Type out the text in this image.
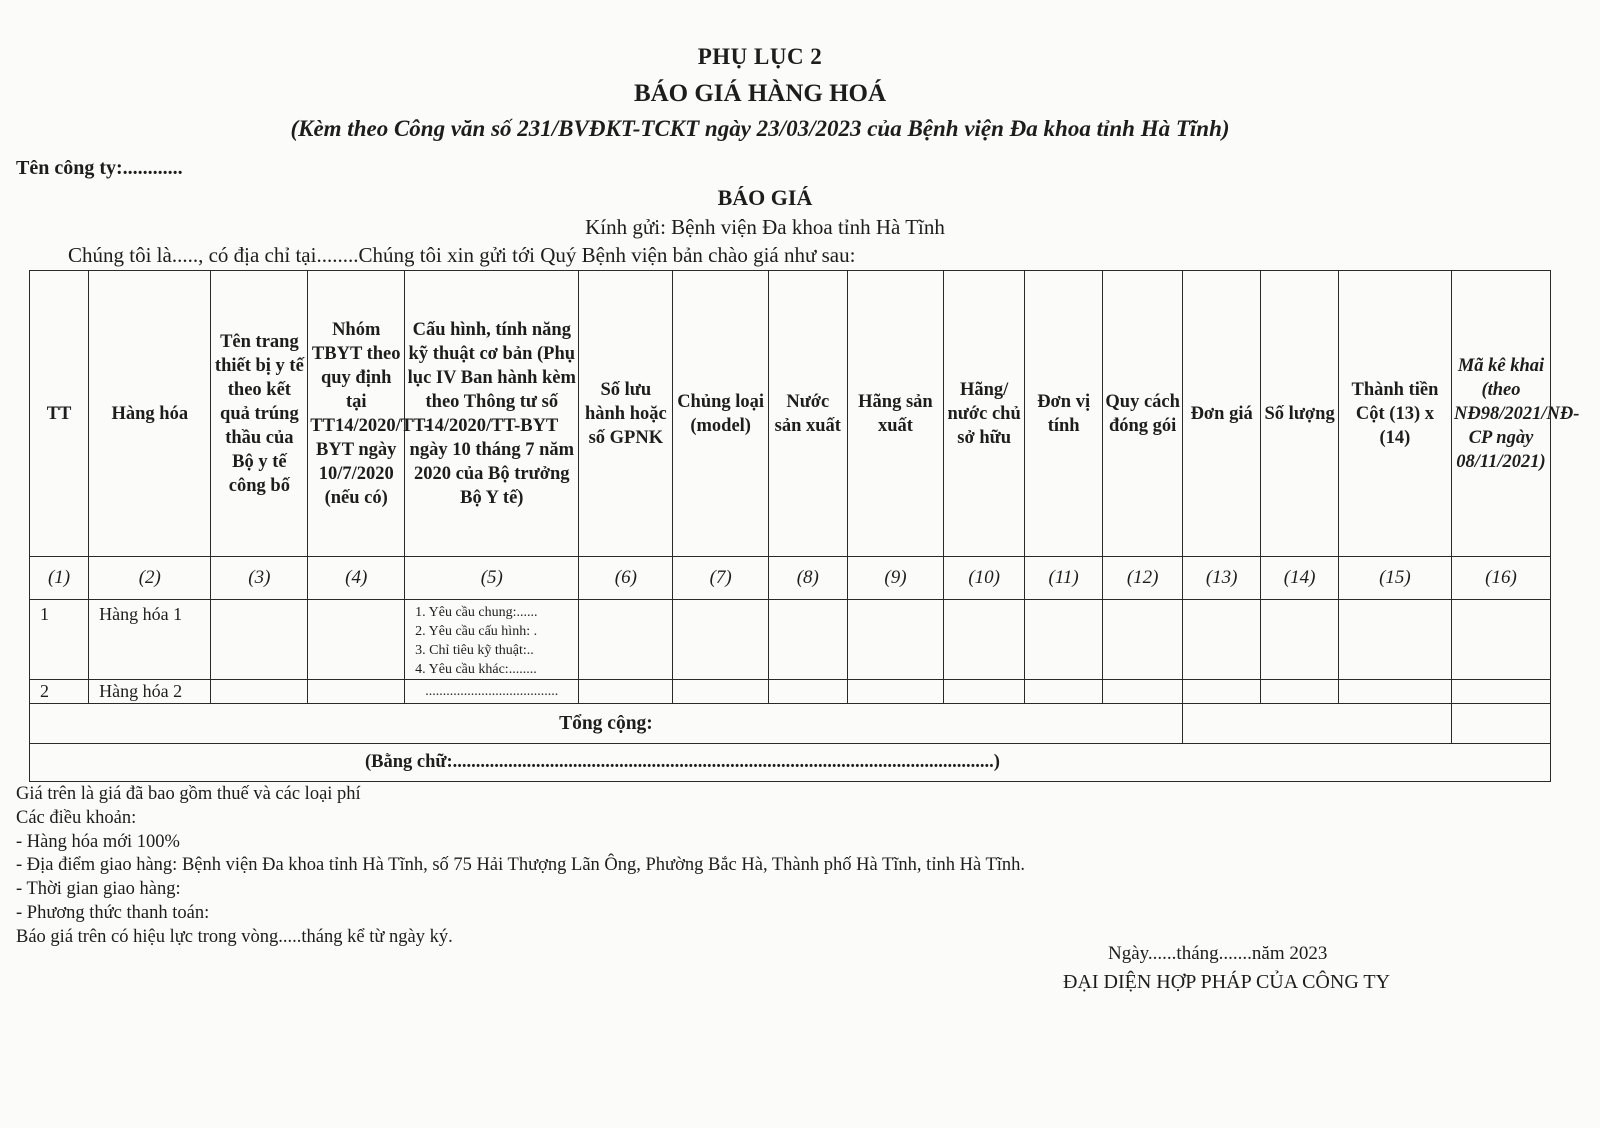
PHỤ LỤC 2
BÁO GIÁ HÀNG HOÁ
(Kèm theo Công văn số 231/BVĐKT-TCKT ngày 23/03/2023 của Bệnh viện Đa khoa tỉnh Hà Tĩnh)
Tên công ty:............
BÁO GIÁ
Kính gửi: Bệnh viện Đa khoa tỉnh Hà Tĩnh
Chúng tôi là....., có địa chỉ tại........Chúng tôi xin gửi tới Quý Bệnh viện bản chào giá như sau:
TT	Hàng hóa	Tên trang thiết bị y tế theo kết quả trúng thầu của Bộ y tế công bố	Nhóm TBYT theo quy định tại TT14/2020/TT-BYT ngày 10/7/2020 (nếu có)	Cấu hình, tính năng kỹ thuật cơ bản (Phụ lục IV Ban hành kèm theo Thông tư số 14/2020/TT-BYT ngày 10 tháng 7 năm 2020 của Bộ trưởng Bộ Y tế)	Số lưu hành hoặc số GPNK	Chủng loại (model)	Nước sản xuất	Hãng sản xuất	Hãng/ nước chủ sở hữu	Đơn vị tính	Quy cách đóng gói	Đơn giá	Số lượng	Thành tiền Cột (13) x (14)	Mã kê khai (theo NĐ98/2021/NĐ-CP ngày 08/11/2021)
(1)	(2)	(3)	(4)	(5)	(6)	(7)	(8)	(9)	(10)	(11)	(12)	(13)	(14)	(15)	(16)
1	Hàng hóa 1			1. Yêu cầu chung:......
2. Yêu cầu cấu hình: .
3. Chỉ tiêu kỹ thuật:..
4. Yêu cầu khác:........											

2	Hàng hóa 2			......................................											
Tổng cộng:															
(Bằng chữ:.....................................................................................................................)															
Giá trên là giá đã bao gồm thuế và các loại phí
Các điều khoản:
- Hàng hóa mới 100%
- Địa điểm giao hàng: Bệnh viện Đa khoa tỉnh Hà Tĩnh, số 75 Hải Thượng Lãn Ông, Phường Bắc Hà, Thành phố Hà Tĩnh, tỉnh Hà Tĩnh.
- Thời gian giao hàng:
- Phương thức thanh toán:
Báo giá trên có hiệu lực trong vòng.....tháng kể từ ngày ký.
Ngày......tháng.......năm 2023
ĐẠI DIỆN HỢP PHÁP CỦA CÔNG TY
